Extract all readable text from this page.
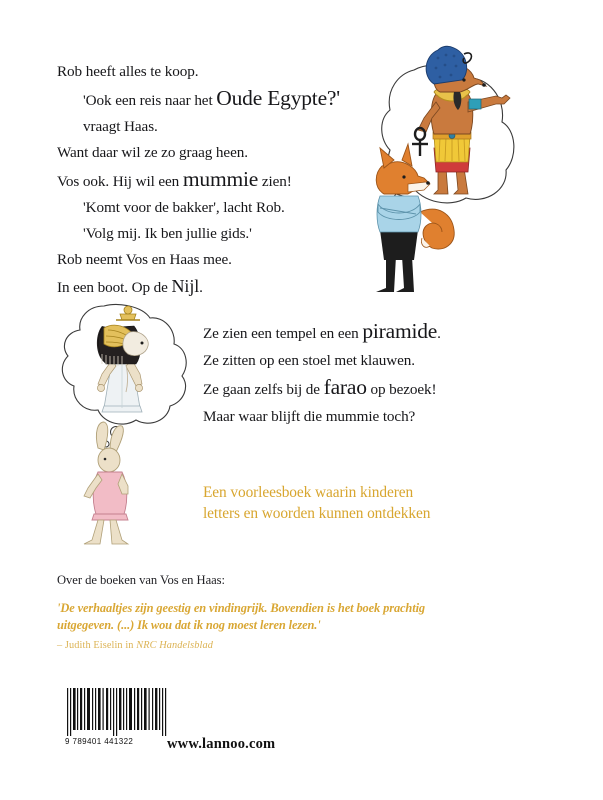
Rob heeft alles te koop.
'Ook een reis naar het Oude Egypte?'
vraagt Haas.
Want daar wil ze zo graag heen.
Vos ook. Hij wil een mummie zien!
'Komt voor de bakker', lacht Rob.
'Volg mij. Ik ben jullie gids.'
Rob neemt Vos en Haas mee.
In een boot. Op de Nijl.
Ze zien een tempel en een piramide.
Ze zitten op een stoel met klauwen.
Ze gaan zelfs bij de farao op bezoek!
Maar waar blijft die mummie toch?
Een voorleesboek waarin kinderen
letters en woorden kunnen ontdekken
Over de boeken van Vos en Haas:
'De verhaaltjes zijn geestig en vindingrijk. Bovendien is het boek prachtig
uitgegeven. (...) Ik wou dat ik nog moest leren lezen.'
– Judith Eiselin in NRC Handelsblad
9 789401 441322	www.lannoo.com
